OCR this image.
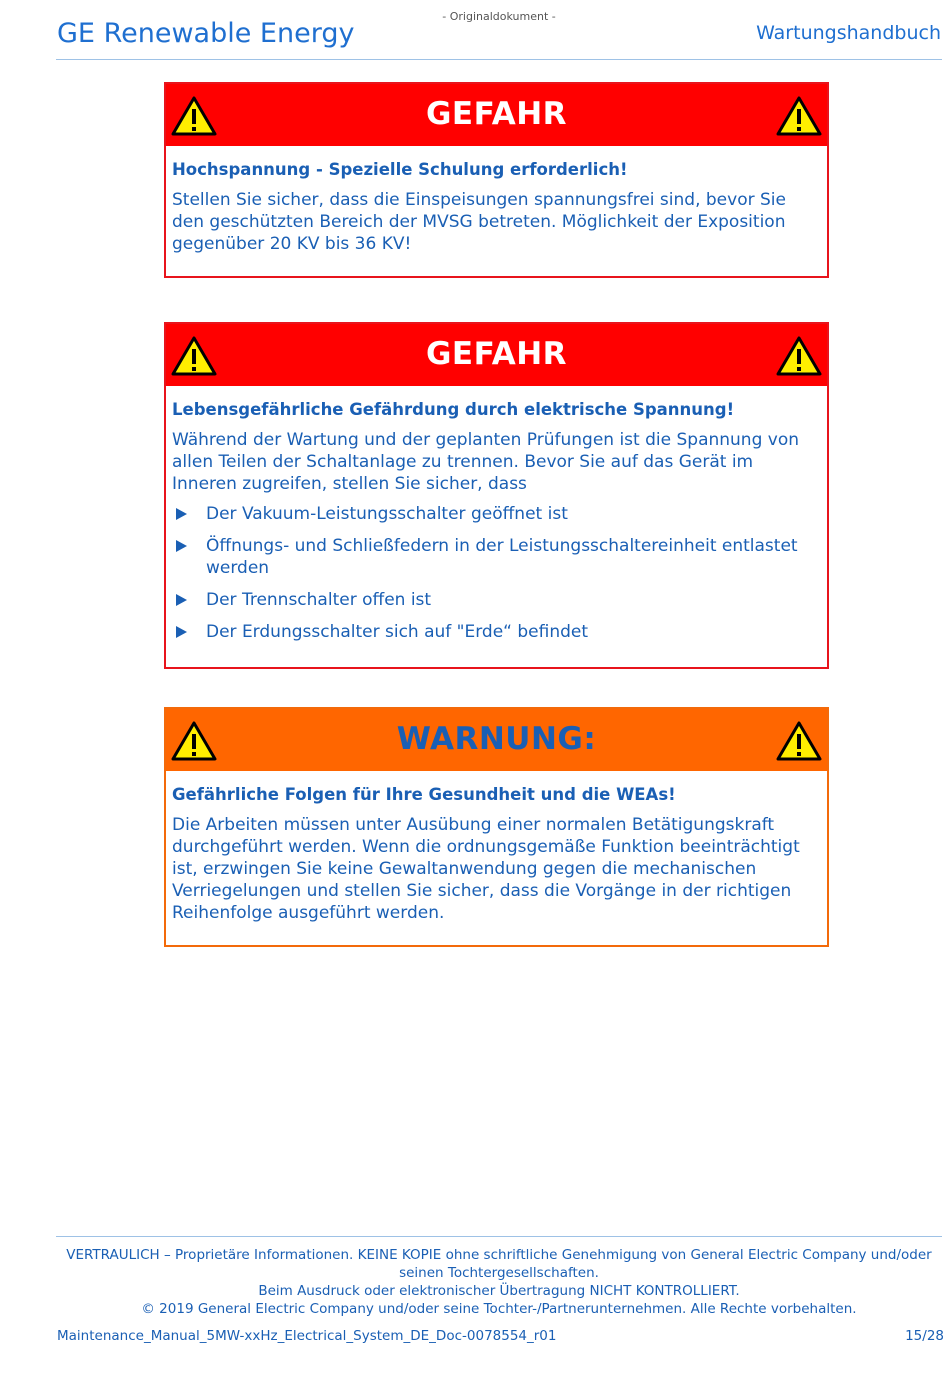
GE Renewable Energy
- Originaldokument -
Wartungshandbuch
GEFAHR
Hochspannung - Spezielle Schulung erforderlich!
Stellen Sie sicher, dass die Einspeisungen spannungsfrei sind, bevor Sie den geschützten Bereich der MVSG betreten. Möglichkeit der Exposition gegenüber 20 KV bis 36 KV!
GEFAHR
Lebensgefährliche Gefährdung durch elektrische Spannung!
Während der Wartung und der geplanten Prüfungen ist die Spannung von allen Teilen der Schaltanlage zu trennen. Bevor Sie auf das Gerät im Inneren zugreifen, stellen Sie sicher, dass
Der Vakuum-Leistungsschalter geöffnet ist
Öffnungs- und Schließfedern in der Leistungsschaltereinheit entlastet werden
Der Trennschalter offen ist
Der Erdungsschalter sich auf "Erde“ befindet
WARNUNG:
Gefährliche Folgen für Ihre Gesundheit und die WEAs!
Die Arbeiten müssen unter Ausübung einer normalen Betätigungskraft durchgeführt werden. Wenn die ordnungsgemäße Funktion beeinträchtigt ist, erzwingen Sie keine Gewaltanwendung gegen die mechanischen Verriegelungen und stellen Sie sicher, dass die Vorgänge in der richtigen Reihenfolge ausgeführt werden.
VERTRAULICH – Proprietäre Informationen. KEINE KOPIE ohne schriftliche Genehmigung von General Electric Company und/oder seinen Tochtergesellschaften.
Beim Ausdruck oder elektronischer Übertragung NICHT KONTROLLIERT.
© 2019 General Electric Company und/oder seine Tochter-/Partnerunternehmen. Alle Rechte vorbehalten.
Maintenance_Manual_5MW-xxHz_Electrical_System_DE_Doc-0078554_r01	15/28
